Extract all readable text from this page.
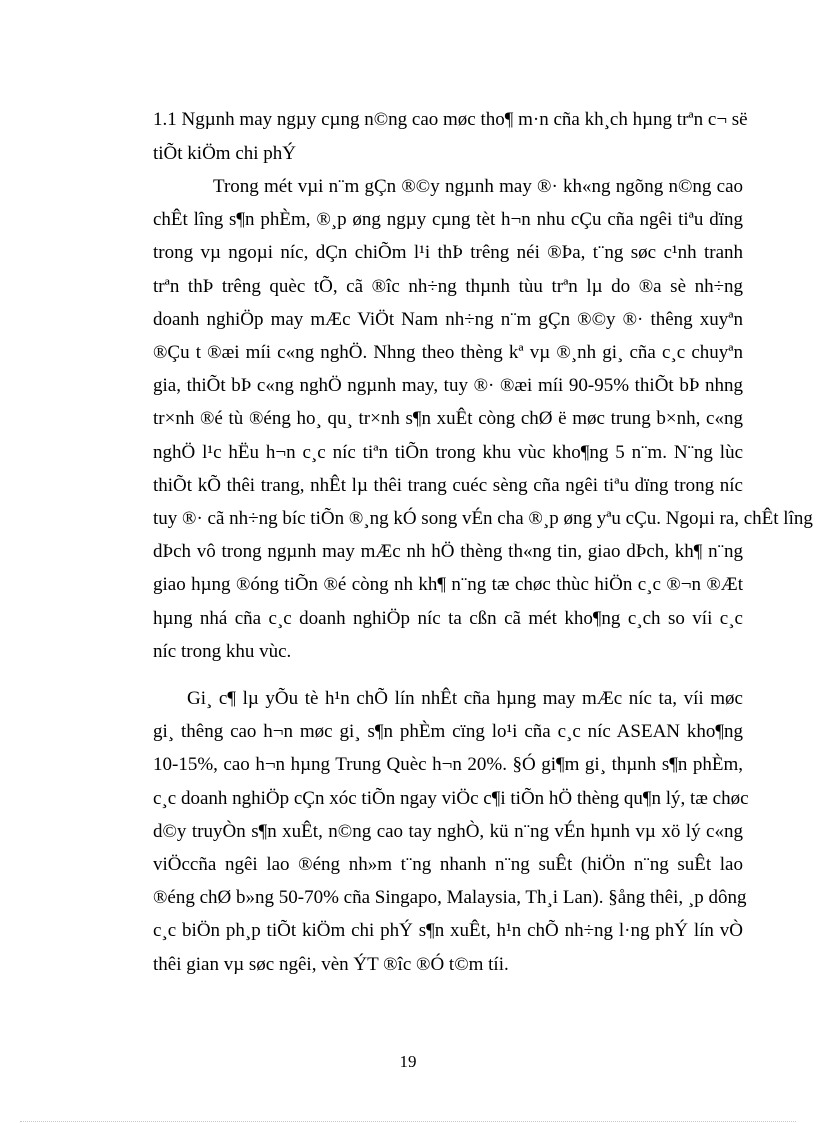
1.1 Ngµnh may ngµy cµng n©ng cao møc tho¶ m·n cña kh¸ch hµng trªn c¬ së
tiÕt kiÖm chi phÝ
Trong mét vµi n¨m gÇn ®©y ngµnh may ®· kh«ng ngõng n©ng cao
chÊt lîng s¶n phÈm, ®¸p øng ngµy cµng tèt h¬n nhu cÇu cña ngêi tiªu dïng
trong vµ ngoµi níc, dÇn chiÕm l¹i thÞ trêng néi ®Þa, t¨ng søc c¹nh tranh
trªn thÞ trêng quèc tÕ, cã ®îc nh÷ng thµnh tùu trªn lµ do ®a sè nh÷ng
doanh nghiÖp may mÆc ViÖt Nam nh÷ng n¨m gÇn ®©y ®· thêng xuyªn
®Çu t ®æi míi c«ng nghÖ. Nhng theo thèng kª vµ ®¸nh gi¸ cña c¸c chuyªn
gia, thiÕt bÞ c«ng nghÖ ngµnh may, tuy ®· ®æi míi 90-95% thiÕt bÞ nhng
tr×nh ®é tù ®éng ho¸ qu¸ tr×nh s¶n xuÊt còng chØ ë møc trung b×nh, c«ng
nghÖ l¹c hËu h¬n c¸c níc tiªn tiÕn trong khu vùc kho¶ng 5 n¨m. N¨ng lùc
thiÕt kÕ thêi trang, nhÊt lµ thêi trang cuéc sèng cña ngêi tiªu dïng trong níc
tuy ®· cã nh÷ng bíc tiÕn ®¸ng kÓ song vÉn cha ®¸p øng yªu cÇu. Ngoµi ra, chÊt lîng
dÞch vô trong ngµnh may mÆc nh hÖ thèng th«ng tin, giao dÞch, kh¶ n¨ng
giao hµng ®óng tiÕn ®é còng nh kh¶ n¨ng tæ chøc thùc hiÖn c¸c ®¬n ®Æt
hµng nhá cña c¸c doanh nghiÖp níc ta cßn cã mét kho¶ng c¸ch so víi c¸c
níc trong khu vùc.
Gi¸ c¶ lµ yÕu tè h¹n chÕ lín nhÊt cña hµng may mÆc níc ta, víi møc
gi¸ thêng cao h¬n møc gi¸ s¶n phÈm cïng lo¹i cña c¸c níc ASEAN kho¶ng
10-15%, cao h¬n hµng Trung Quèc h¬n 20%. §Ó gi¶m gi¸ thµnh s¶n phÈm,
c¸c doanh nghiÖp cÇn xóc tiÕn ngay viÖc c¶i tiÕn hÖ thèng qu¶n lý, tæ chøc
d©y truyÒn s¶n xuÊt, n©ng cao tay nghÒ, kü n¨ng vÉn hµnh vµ xö lý c«ng
viÖccña ngêi lao ®éng nh»m t¨ng nhanh n¨ng suÊt (hiÖn n¨ng suÊt lao
®éng chØ b»ng 50-70% cña Singapo, Malaysia, Th¸i Lan). §ång thêi, ¸p dông
c¸c biÖn ph¸p tiÕt kiÖm chi phÝ s¶n xuÊt, h¹n chÕ nh÷ng l·ng phÝ lín vÒ
thêi gian vµ søc ngêi, vèn ÝT ®îc ®Ó t©m tíi.
19
